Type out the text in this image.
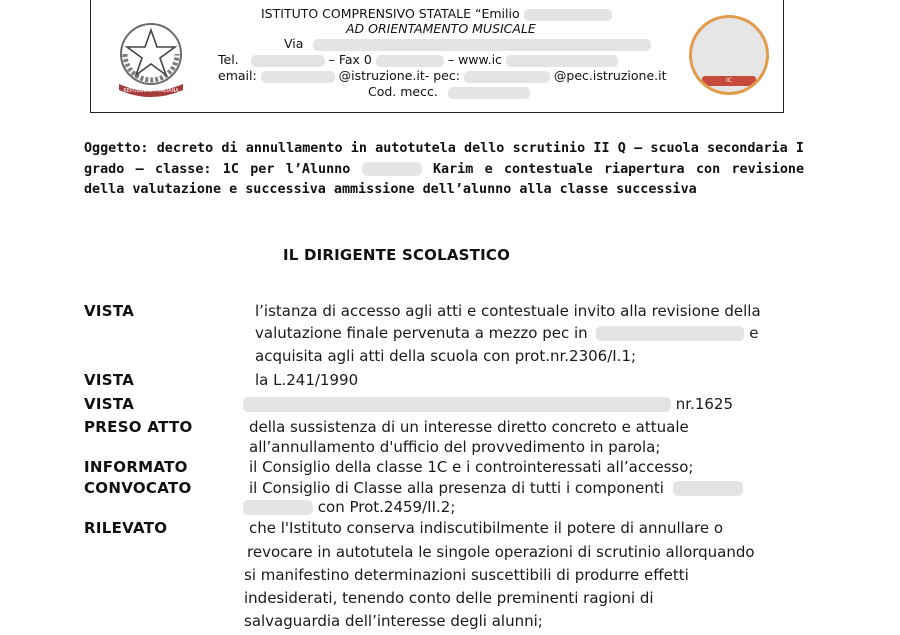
REPUBBLICA ITALIANA
ISTITUTO COMPRENSIVO STATALE “Emilio
AD ORIENTAMENTO MUSICALE
Via
Tel.	– Fax 0	– www.ic
email:	@istruzione.it- pec:	@pec.istruzione.it
Cod. mecc.
IC
Oggetto: decreto di annullamento in autotutela dello scrutinio II Q – scuola secondaria I grado – classe: 1C per l’Alunno	Karim e contestuale riapertura con revisione della valutazione e successiva ammissione dell’alunno alla classe successiva
IL DIRIGENTE SCOLASTICO
VISTA	l’istanza di accesso agli atti e contestuale invito alla revisione della
valutazione finale pervenuta a mezzo pec in	e
acquisita agli atti della scuola con prot.nr.2306/I.1;
VISTA	la L.241/1990
VISTA	nr.1625
PRESO ATTO	della sussistenza di un interesse diretto concreto e attuale
all’annullamento d'ufficio del provvedimento in parola;
INFORMATO	il Consiglio della classe 1C e i controinteressati all’accesso;
CONVOCATO	il Consiglio di Classe alla presenza di tutti i componenti
con Prot.2459/II.2;
RILEVATO	che l'Istituto conserva indiscutibilmente il potere di annullare o
revocare in autotutela le singole operazioni di scrutinio allorquando
si manifestino determinazioni suscettibili di produrre effetti
indesiderati, tenendo conto delle preminenti ragioni di
salvaguardia dell’interesse degli alunni;
